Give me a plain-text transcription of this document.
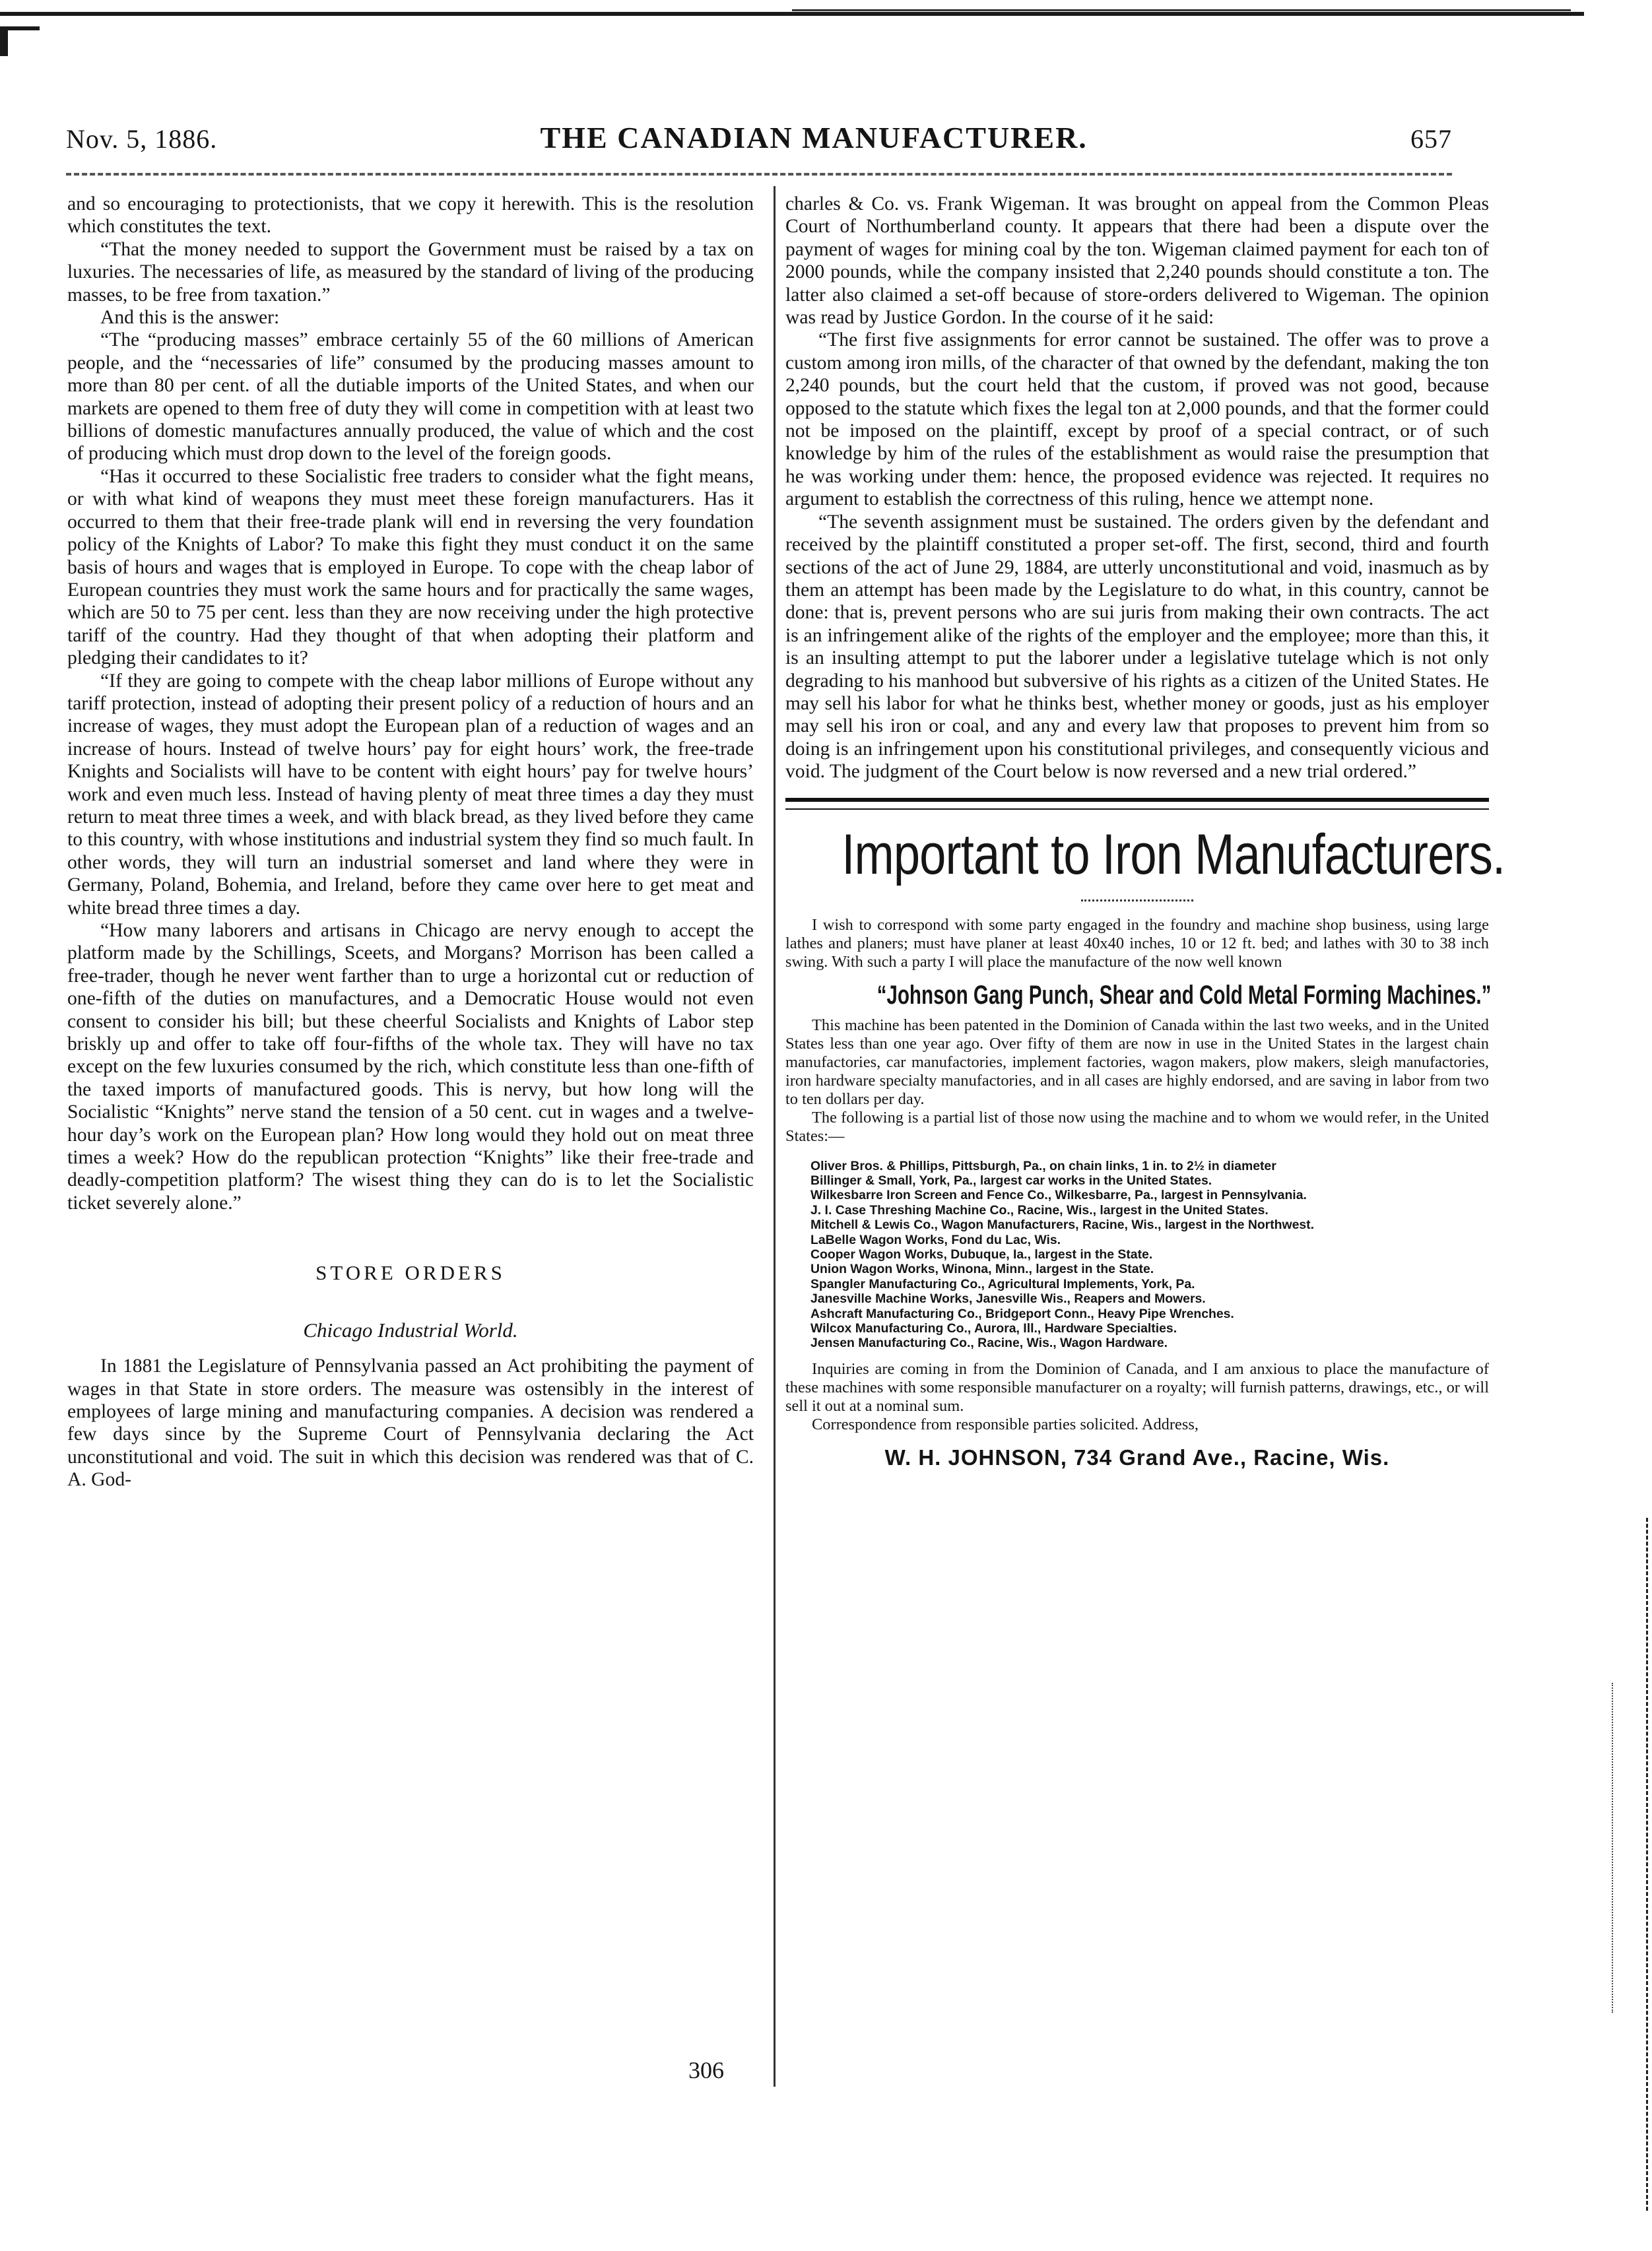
Nov. 5, 1886.	THE CANADIAN MANUFACTURER.	657

and so encouraging to protectionists, that we copy it herewith. This is the resolution which constitutes the text.

“That the money needed to support the Government must be raised by a tax on luxuries. The necessaries of life, as measured by the standard of living of the producing masses, to be free from taxation.”

And this is the answer:

“The “producing masses” embrace certainly 55 of the 60 millions of American people, and the “necessaries of life” consumed by the producing masses amount to more than 80 per cent. of all the dutiable imports of the United States, and when our markets are opened to them free of duty they will come in competition with at least two billions of domestic manufactures annually produced, the value of which and the cost of producing which must drop down to the level of the foreign goods.

“Has it occurred to these Socialistic free traders to consider what the fight means, or with what kind of weapons they must meet these foreign manufacturers. Has it occurred to them that their free-trade plank will end in reversing the very foundation policy of the Knights of Labor? To make this fight they must conduct it on the same basis of hours and wages that is employed in Europe. To cope with the cheap labor of European countries they must work the same hours and for practically the same wages, which are 50 to 75 per cent. less than they are now receiving under the high protective tariff of the country. Had they thought of that when adopting their platform and pledging their candidates to it?

“If they are going to compete with the cheap labor millions of Europe without any tariff protection, instead of adopting their present policy of a reduction of hours and an increase of wages, they must adopt the European plan of a reduction of wages and an increase of hours. Instead of twelve hours’ pay for eight hours’ work, the free-trade Knights and Socialists will have to be content with eight hours’ pay for twelve hours’ work and even much less. Instead of having plenty of meat three times a day they must return to meat three times a week, and with black bread, as they lived before they came to this country, with whose institutions and industrial system they find so much fault. In other words, they will turn an industrial somerset and land where they were in Germany, Poland, Bohemia, and Ireland, before they came over here to get meat and white bread three times a day.

“How many laborers and artisans in Chicago are nervy enough to accept the platform made by the Schillings, Sceets, and Morgans? Morrison has been called a free-trader, though he never went farther than to urge a horizontal cut or reduction of one-fifth of the duties on manufactures, and a Democratic House would not even consent to consider his bill; but these cheerful Socialists and Knights of Labor step briskly up and offer to take off four-fifths of the whole tax. They will have no tax except on the few luxuries consumed by the rich, which constitute less than one-fifth of the taxed imports of manufactured goods. This is nervy, but how long will the Socialistic “Knights” nerve stand the tension of a 50 cent. cut in wages and a twelve-hour day’s work on the European plan? How long would they hold out on meat three times a week? How do the republican protection “Knights” like their free-trade and deadly-competition platform? The wisest thing they can do is to let the Socialistic ticket severely alone.”

STORE ORDERS
Chicago Industrial World.

In 1881 the Legislature of Pennsylvania passed an Act prohibiting the payment of wages in that State in store orders. The measure was ostensibly in the interest of employees of large mining and manufacturing companies. A decision was rendered a few days since by the Supreme Court of Pennsylvania declaring the Act unconstitutional and void. The suit in which this decision was rendered was that of C. A. God-

306

charles & Co. vs. Frank Wigeman. It was brought on appeal from the Common Pleas Court of Northumberland county. It appears that there had been a dispute over the payment of wages for mining coal by the ton. Wigeman claimed payment for each ton of 2000 pounds, while the company insisted that 2,240 pounds should constitute a ton. The latter also claimed a set-off because of store-orders delivered to Wigeman. The opinion was read by Justice Gordon. In the course of it he said:

“The first five assignments for error cannot be sustained. The offer was to prove a custom among iron mills, of the character of that owned by the defendant, making the ton 2,240 pounds, but the court held that the custom, if proved was not good, because opposed to the statute which fixes the legal ton at 2,000 pounds, and that the former could not be imposed on the plaintiff, except by proof of a special contract, or of such knowledge by him of the rules of the establishment as would raise the presumption that he was working under them: hence, the proposed evidence was rejected. It requires no argument to establish the correctness of this ruling, hence we attempt none.

“The seventh assignment must be sustained. The orders given by the defendant and received by the plaintiff constituted a proper set-off. The first, second, third and fourth sections of the act of June 29, 1884, are utterly unconstitutional and void, inasmuch as by them an attempt has been made by the Legislature to do what, in this country, cannot be done: that is, prevent persons who are sui juris from making their own contracts. The act is an infringement alike of the rights of the employer and the employee; more than this, it is an insulting attempt to put the laborer under a legislative tutelage which is not only degrading to his manhood but subversive of his rights as a citizen of the United States. He may sell his labor for what he thinks best, whether money or goods, just as his employer may sell his iron or coal, and any and every law that proposes to prevent him from so doing is an infringement upon his constitutional privileges, and consequently vicious and void. The judgment of the Court below is now reversed and a new trial ordered.”

Important to Iron Manufacturers.

I wish to correspond with some party engaged in the foundry and machine shop business, using large lathes and planers; must have planer at least 40x40 inches, 10 or 12 ft. bed; and lathes with 30 to 38 inch swing. With such a party I will place the manufacture of the now well known

“Johnson Gang Punch, Shear and Cold Metal Forming Machines.”

This machine has been patented in the Dominion of Canada within the last two weeks, and in the United States less than one year ago. Over fifty of them are now in use in the United States in the largest chain manufactories, car manufactories, implement factories, wagon makers, plow makers, sleigh manufactories, iron hardware specialty manufactories, and in all cases are highly endorsed, and are saving in labor from two to ten dollars per day.

The following is a partial list of those now using the machine and to whom we would refer, in the United States:—

Oliver Bros. & Phillips, Pittsburgh, Pa., on chain links, 1 in. to 2½ in diameter
Billinger & Small, York, Pa., largest car works in the United States.
Wilkesbarre Iron Screen and Fence Co., Wilkesbarre, Pa., largest in Pennsylvania.
J. I. Case Threshing Machine Co., Racine, Wis., largest in the United States.
Mitchell & Lewis Co., Wagon Manufacturers, Racine, Wis., largest in the Northwest.
LaBelle Wagon Works, Fond du Lac, Wis.
Cooper Wagon Works, Dubuque, Ia., largest in the State.
Union Wagon Works, Winona, Minn., largest in the State.
Spangler Manufacturing Co., Agricultural Implements, York, Pa.
Janesville Machine Works, Janesville Wis., Reapers and Mowers.
Ashcraft Manufacturing Co., Bridgeport Conn., Heavy Pipe Wrenches.
Wilcox Manufacturing Co., Aurora, Ill., Hardware Specialties.
Jensen Manufacturing Co., Racine, Wis., Wagon Hardware.

Inquiries are coming in from the Dominion of Canada, and I am anxious to place the manufacture of these machines with some responsible manufacturer on a royalty; will furnish patterns, drawings, etc., or will sell it out at a nominal sum.

Correspondence from responsible parties solicited. Address,

W. H. JOHNSON, 734 Grand Ave., Racine, Wis.
